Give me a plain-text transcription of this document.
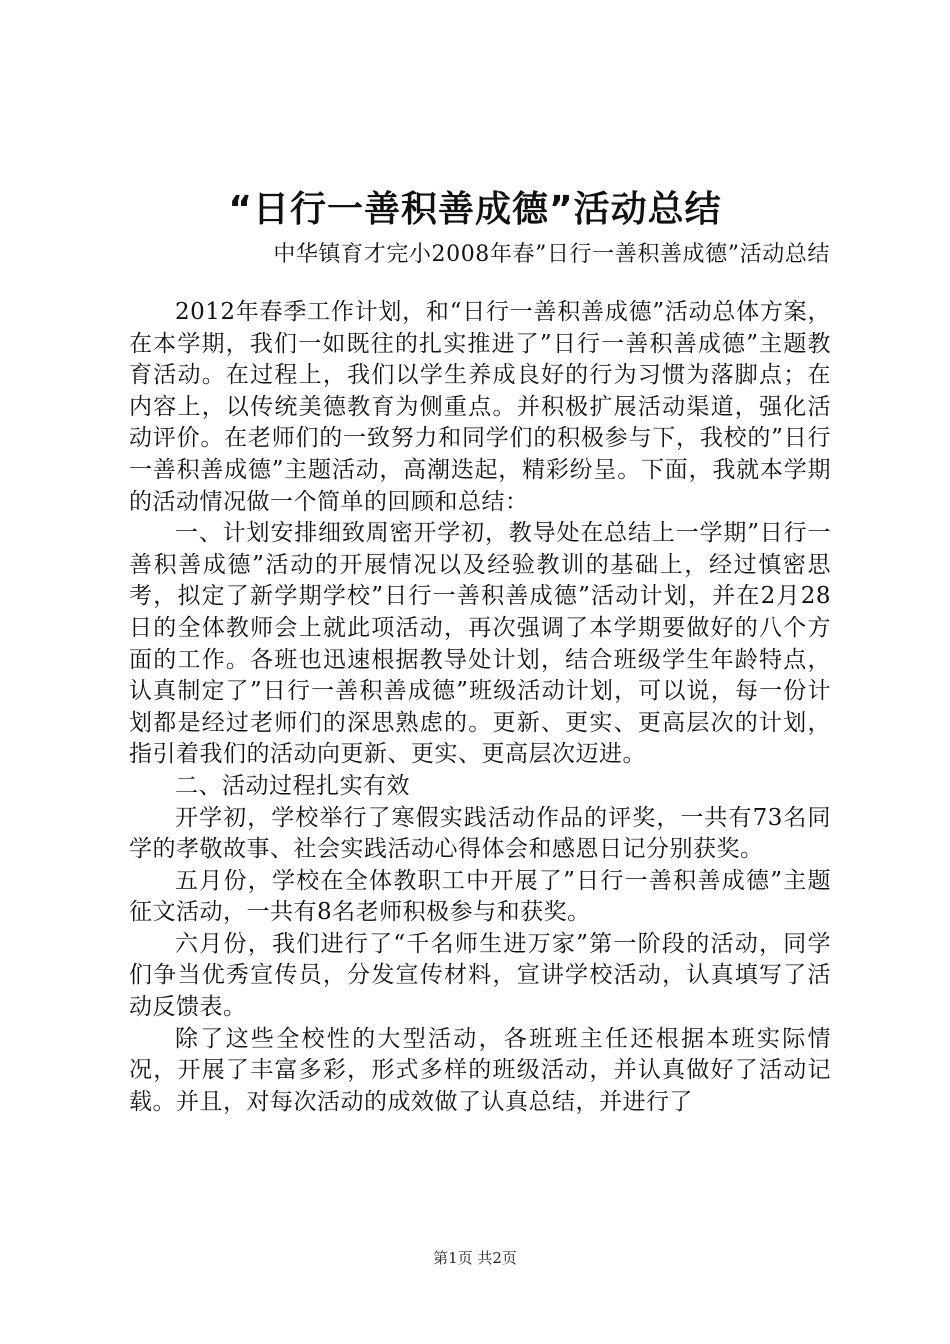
“日行一善积善成德”活动总结
中华镇育才完小2008年春”日行一善积善成德”活动总结

2012年春季工作计划，和“日行一善积善成德”活动总体方案，在本学期，我们一如既往的扎实推进了”日行一善积善成德”主题教育活动。在过程上，我们以学生养成良好的行为习惯为落脚点；在内容上，以传统美德教育为侧重点。并积极扩展活动渠道，强化活动评价。在老师们的一致努力和同学们的积极参与下，我校的”日行一善积善成德”主题活动，高潮迭起，精彩纷呈。下面，我就本学期的活动情况做一个简单的回顾和总结：

一、计划安排细致周密开学初，教导处在总结上一学期”日行一善积善成德”活动的开展情况以及经验教训的基础上，经过慎密思考，拟定了新学期学校”日行一善积善成德”活动计划，并在2月28日的全体教师会上就此项活动，再次强调了本学期要做好的八个方面的工作。各班也迅速根据教导处计划，结合班级学生年龄特点，认真制定了”日行一善积善成德”班级活动计划，可以说，每一份计划都是经过老师们的深思熟虑的。更新、更实、更高层次的计划，指引着我们的活动向更新、更实、更高层次迈进。

二、活动过程扎实有效

开学初，学校举行了寒假实践活动作品的评奖，一共有73名同学的孝敬故事、社会实践活动心得体会和感恩日记分别获奖。

五月份，学校在全体教职工中开展了”日行一善积善成德”主题征文活动，一共有8名老师积极参与和获奖。

六月份，我们进行了“千名师生进万家”第一阶段的活动，同学们争当优秀宣传员，分发宣传材料，宣讲学校活动，认真填写了活动反馈表。

除了这些全校性的大型活动，各班班主任还根据本班实际情况，开展了丰富多彩，形式多样的班级活动，并认真做好了活动记载。并且，对每次活动的成效做了认真总结，并进行了

第1页 共2页
